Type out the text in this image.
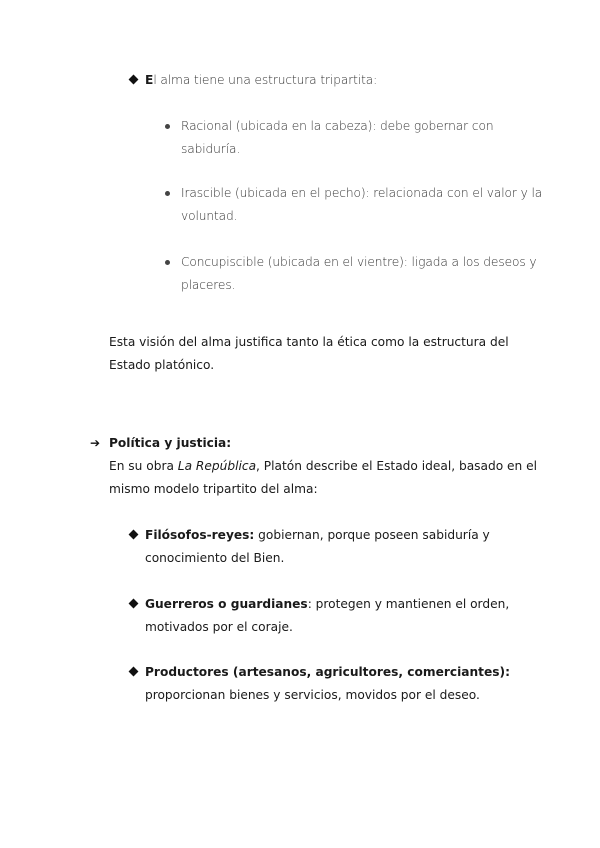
El alma tiene una estructura tripartita:
Racional (ubicada en la cabeza): debe gobernar con
sabiduría.
Irascible (ubicada en el pecho): relacionada con el valor y la
voluntad.
Concupiscible (ubicada en el vientre): ligada a los deseos y
placeres.
Esta visión del alma justifica tanto la ética como la estructura del
Estado platónico.
➔ Política y justicia:
En su obra La República, Platón describe el Estado ideal, basado en el
mismo modelo tripartito del alma:
Filósofos-reyes: gobiernan, porque poseen sabiduría y
conocimiento del Bien.
Guerreros o guardianes: protegen y mantienen el orden,
motivados por el coraje.
Productores (artesanos, agricultores, comerciantes):
proporcionan bienes y servicios, movidos por el deseo.
